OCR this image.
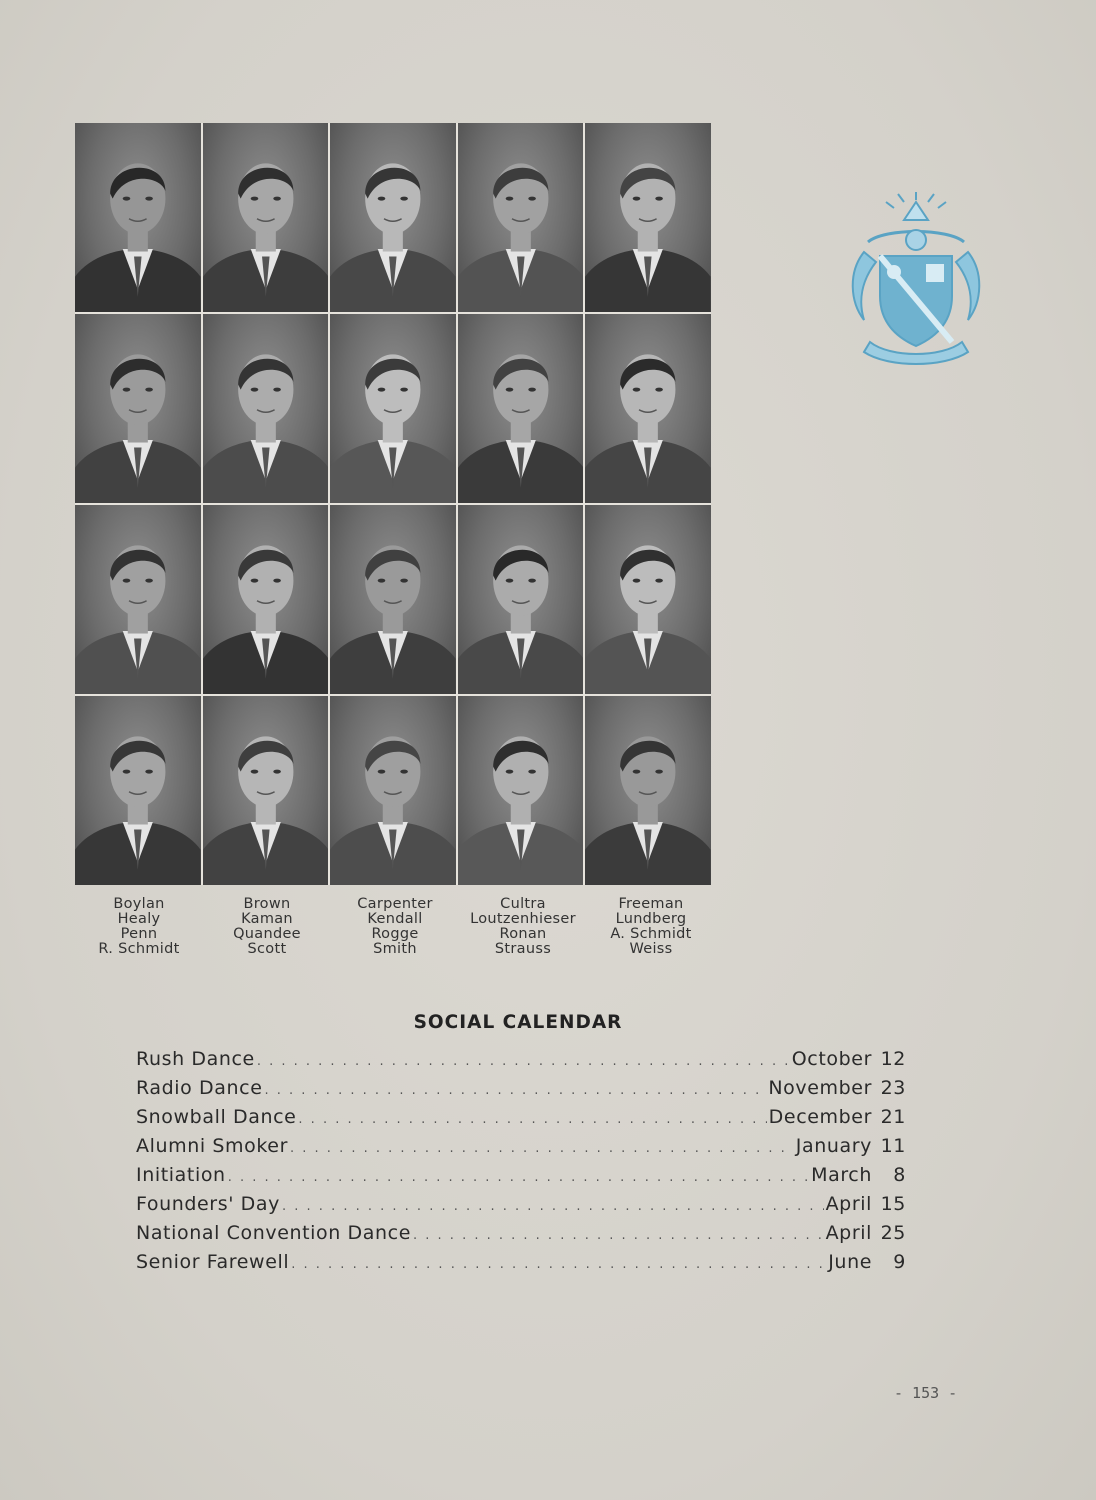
Boylan
Healy
Penn
R. Schmidt
Brown
Kaman
Quandee
Scott
Carpenter
Kendall
Rogge
Smith
Cultra
Loutzenhieser
Ronan
Strauss
Freeman
Lundberg
A. Schmidt
Weiss
SOCIAL CALENDAR
Rush Dance . . .	October 12
Radio Dance . . .	November 23
Snowball Dance . . .	December 21
Alumni Smoker . . .	January 11
Initiation . . .	March	8
Founders' Day . . .	April 15
National Convention Dance . . .	April 25
Senior Farewell . . .	June	9
- 153 -
